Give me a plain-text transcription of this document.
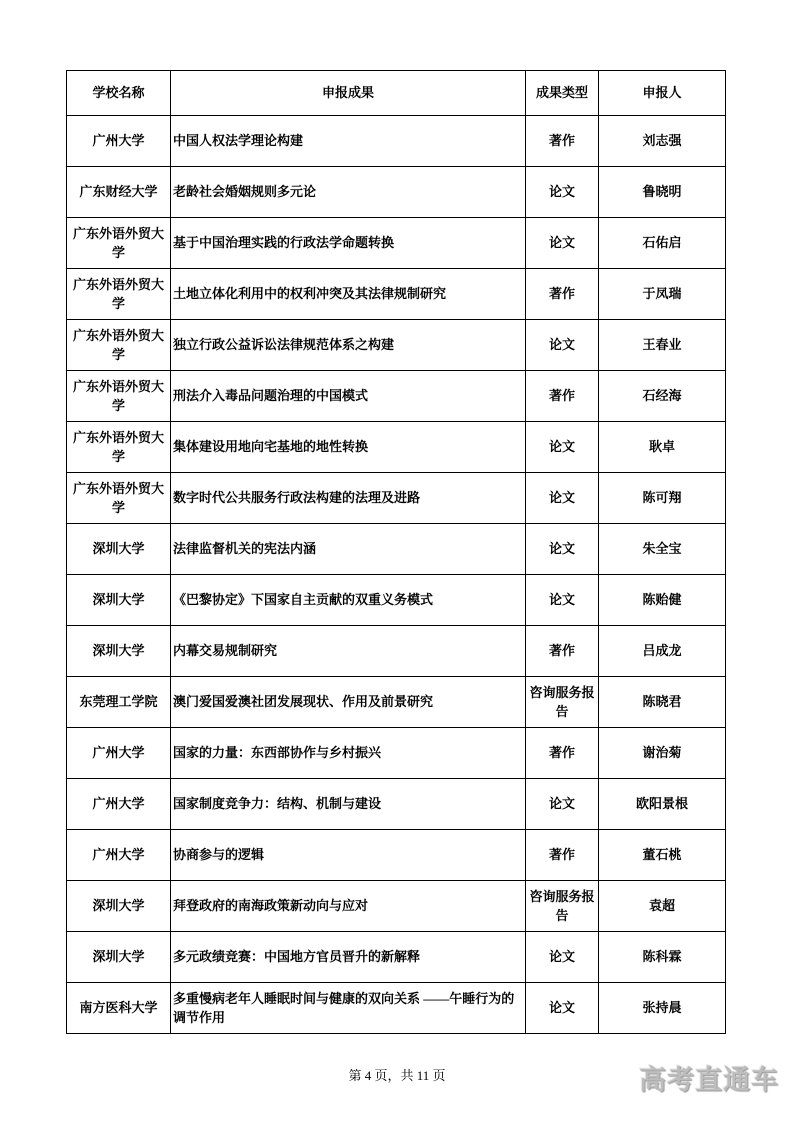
学校名称	申报成果	成果类型	申报人
广州大学	中国人权法学理论构建	著作	刘志强
广东财经大学	老龄社会婚姻规则多元论	论文	鲁晓明
广东外语外贸大学	基于中国治理实践的行政法学命题转换	论文	石佑启
广东外语外贸大学	土地立体化利用中的权利冲突及其法律规制研究	著作	于凤瑞
广东外语外贸大学	独立行政公益诉讼法律规范体系之构建	论文	王春业
广东外语外贸大学	刑法介入毒品问题治理的中国模式	著作	石经海
广东外语外贸大学	集体建设用地向宅基地的地性转换	论文	耿卓
广东外语外贸大学	数字时代公共服务行政法构建的法理及进路	论文	陈可翔
深圳大学	法律监督机关的宪法内涵	论文	朱全宝
深圳大学	《巴黎协定》下国家自主贡献的双重义务模式	论文	陈贻健
深圳大学	内幕交易规制研究	著作	吕成龙
东莞理工学院	澳门爱国爱澳社团发展现状、作用及前景研究	咨询服务报告	陈晓君
广州大学	国家的力量：东西部协作与乡村振兴	著作	谢治菊
广州大学	国家制度竞争力：结构、机制与建设	论文	欧阳景根
广州大学	协商参与的逻辑	著作	董石桃
深圳大学	拜登政府的南海政策新动向与应对	咨询服务报告	袁超
深圳大学	多元政绩竞赛：中国地方官员晋升的新解释	论文	陈科霖
南方医科大学	多重慢病老年人睡眠时间与健康的双向关系 ——午睡行为的调节作用	论文	张持晨
第 4 页，共 11 页	高考直通车
